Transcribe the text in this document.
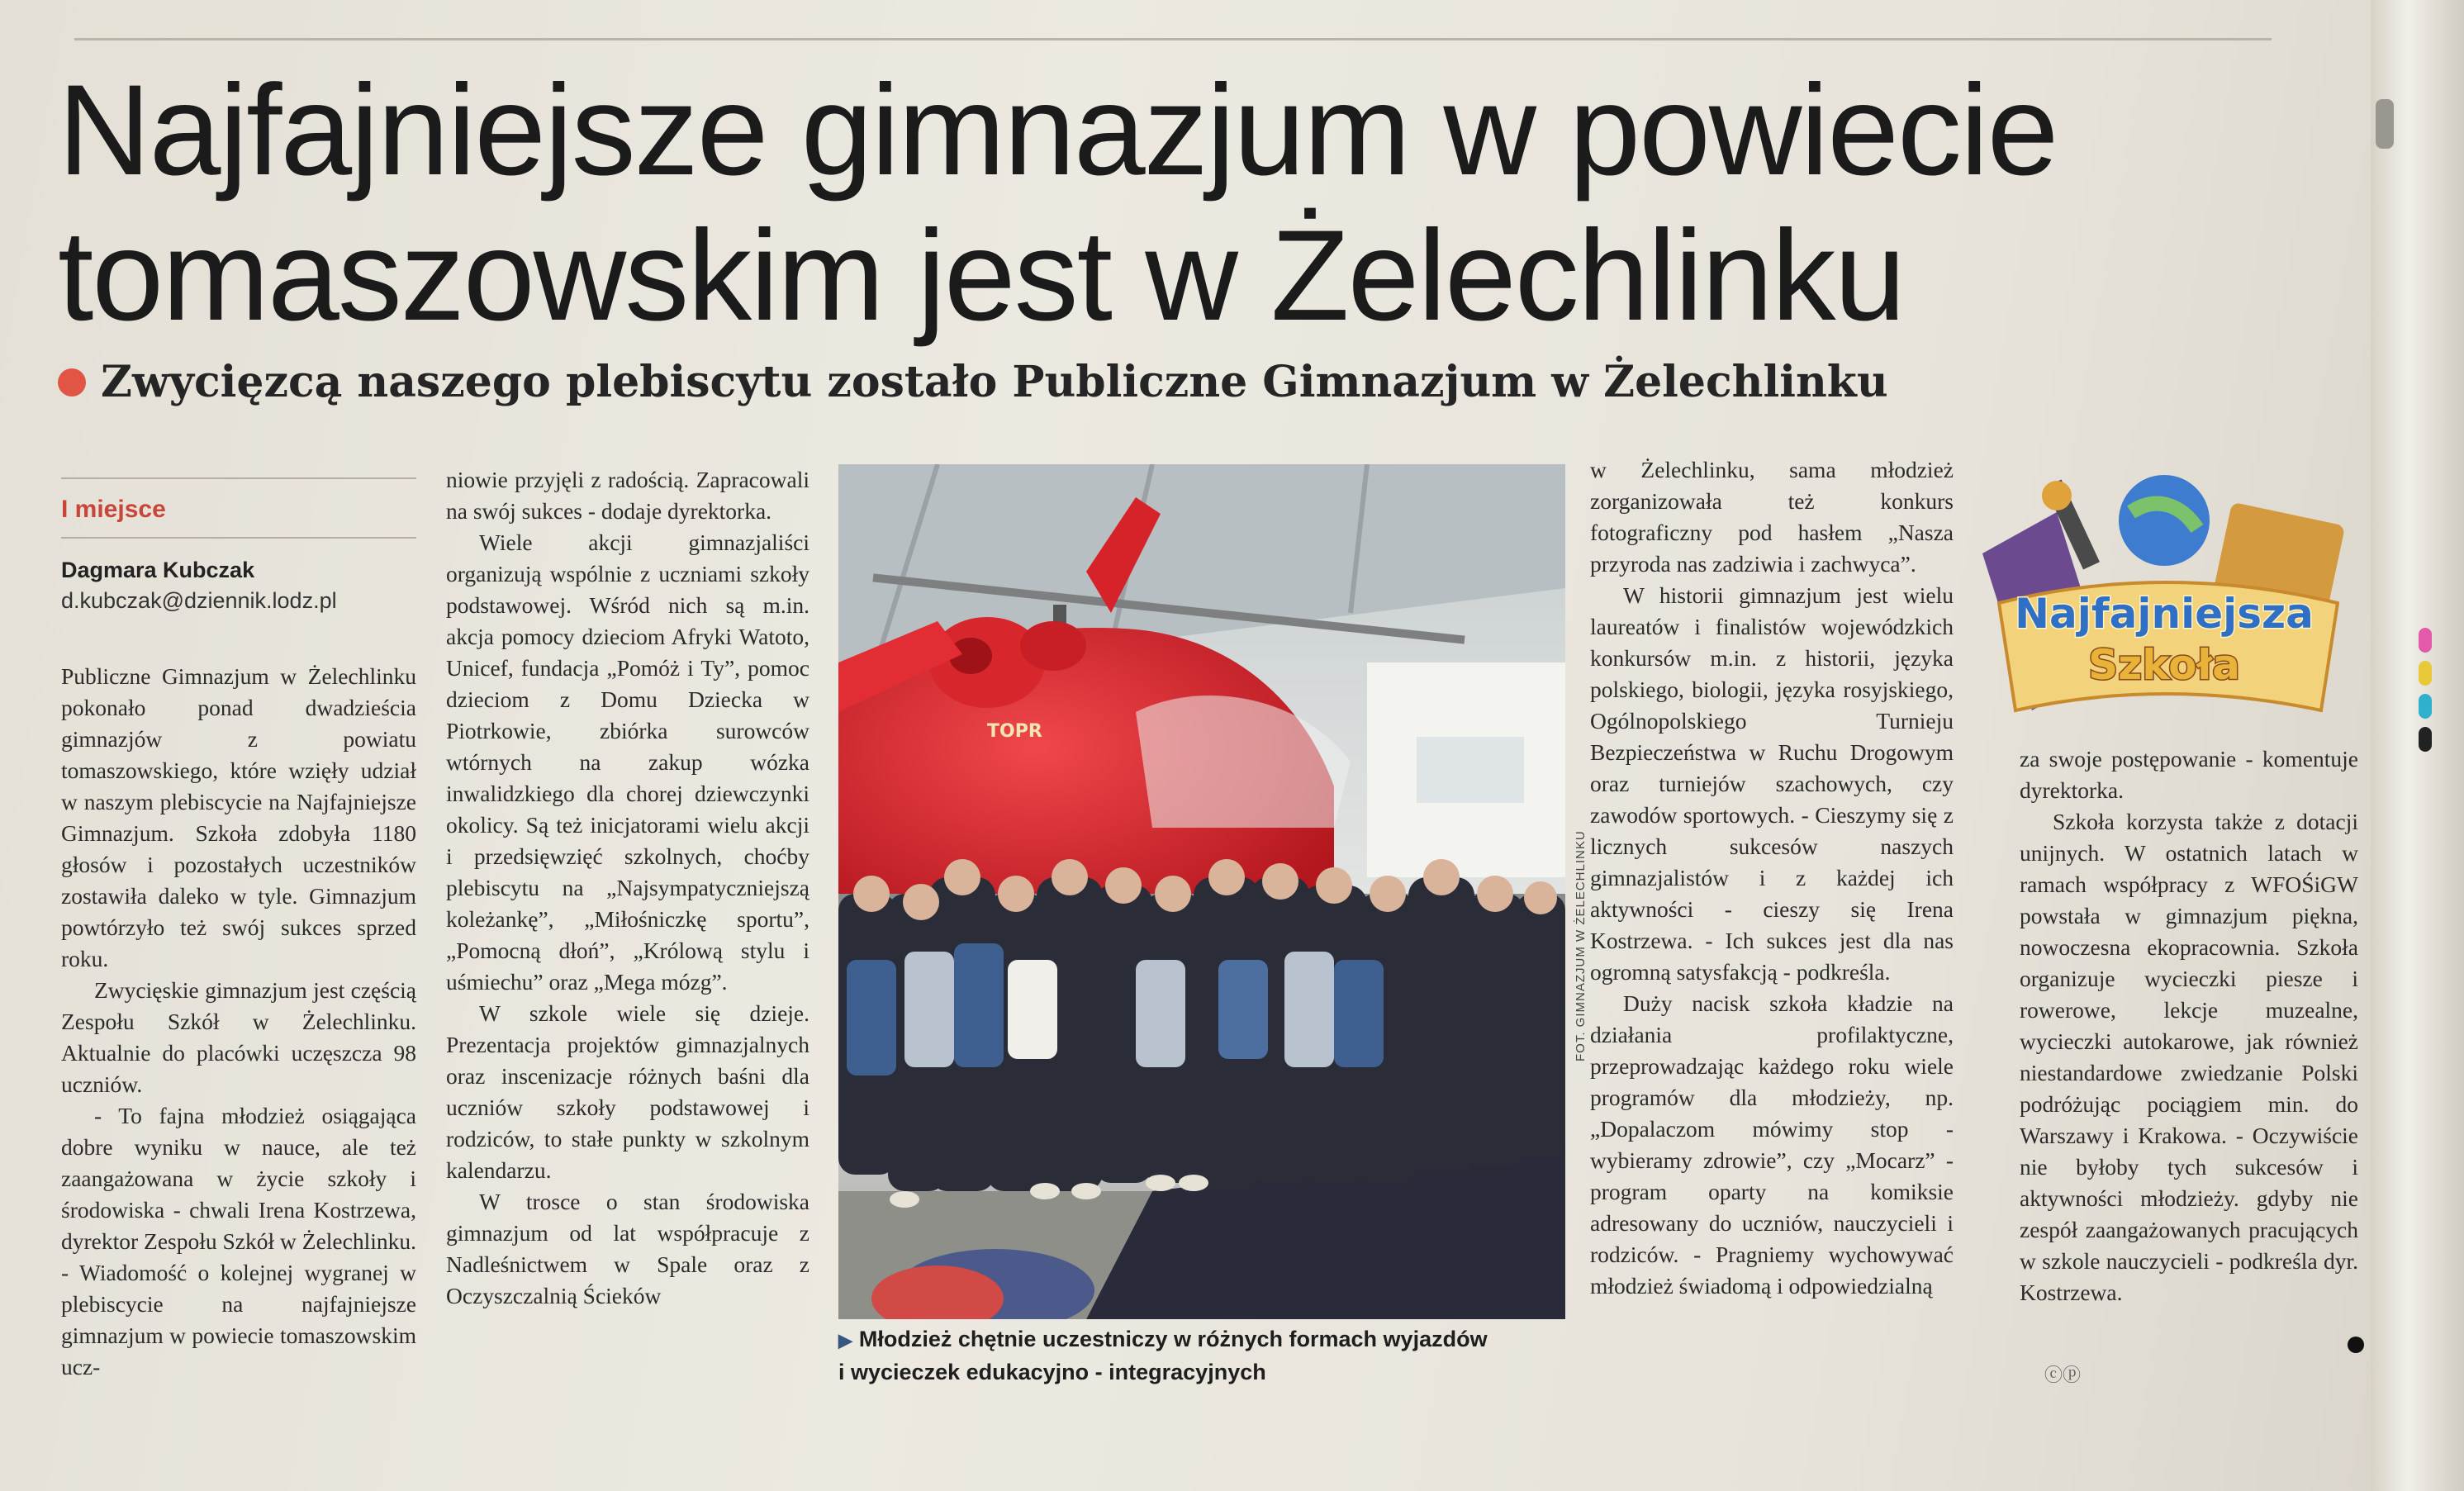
Najfajniejsze gimnazjum w powiecie
tomaszowskim jest w Żelechlinku
Zwycięzcą naszego plebiscytu zostało Publiczne Gimnazjum w Żelechlinku
I miejsce
Dagmara Kubczak
d.kubczak@dziennik.lodz.pl

Publiczne Gimnazjum w Żelechlinku pokonało ponad dwadzieścia gimnazjów z powiatu tomaszowskiego, które wzięły udział w naszym plebiscycie na Najfajniejsze Gimnazjum. Szkoła zdobyła 1180 głosów i pozostałych uczestników zostawiła daleko w tyle. Gimnazjum powtórzyło też swój sukces sprzed roku.

Zwycięskie gimnazjum jest częścią Zespołu Szkół w Żelechlinku. Aktualnie do placówki uczęszcza 98 uczniów.

- To fajna młodzież osiągająca dobre wyniku w nauce, ale też zaangażowana w życie szkoły i środowiska - chwali Irena Kostrzewa, dyrektor Zespołu Szkół w Żelechlinku. - Wiadomość o kolejnej wygranej w plebiscycie na najfajniejsze gimnazjum w powiecie tomaszowskim ucz-

niowie przyjęli z radością. Zapracowali na swój sukces - dodaje dyrektorka.

Wiele akcji gimnazjaliści organizują wspólnie z uczniami szkoły podstawowej. Wśród nich są m.in. akcja pomocy dzieciom Afryki Watoto, Unicef, fundacja „Pomóż i Ty”, pomoc dzieciom z Domu Dziecka w Piotrkowie, zbiórka surowców wtórnych na zakup wózka inwalidzkiego dla chorej dziewczynki okolicy. Są też inicjatorami wielu akcji i przedsięwzięć szkolnych, choćby plebiscytu na „Najsympatyczniejszą koleżankę”, „Miłośniczkę sportu”, „Pomocną dłoń”, „Królową stylu i uśmiechu” oraz „Mega mózg”.

W szkole wiele się dzieje. Prezentacja projektów gimnazjalnych oraz inscenizacje różnych baśni dla uczniów szkoły podstawowej i rodziców, to stałe punkty w szkolnym kalendarzu.

W trosce o stan środowiska gimnazjum od lat współpracuje z Nadleśnictwem w Spale oraz z Oczyszczalnią Ścieków

TOPR
FOT. GIMNAZJUM W ŻELECHLINKU
▶ Młodzież chętnie uczestniczy w różnych formach wyjazdów
i wycieczek edukacyjno - integracyjnych

w Żelechlinku, sama młodzież zorganizowała też konkurs fotograficzny pod hasłem „Nasza przyroda nas zadziwia i zachwyca”.

W historii gimnazjum jest wielu laureatów i finalistów wojewódzkich konkursów m.in. z historii, języka polskiego, biologii, języka rosyjskiego, Ogólnopolskiego Turnieju Bezpieczeństwa w Ruchu Drogowym oraz turniejów szachowych, czy zawodów sportowych. - Cieszymy się z licznych sukcesów naszych gimnazjalistów i z każdej ich aktywności - cieszy się Irena Kostrzewa. - Ich sukces jest dla nas ogromną satysfakcją - podkreśla.

Duży nacisk szkoła kładzie na działania profilaktyczne, przeprowadzając każdego roku wiele programów dla młodzieży, np. „Dopalaczom mówimy stop - wybieramy zdrowie”, czy „Mocarz” - program oparty na komiksie adresowany do uczniów, nauczycieli i rodziców. - Pragniemy wychowywać młodzież świadomą i odpowiedzialną

Najfajniejsza
Szkoła

za swoje postępowanie - komentuje dyrektorka.

Szkoła korzysta także z dotacji unijnych. W ostatnich latach w ramach współpracy z WFOŚiGW powstała w gimnazjum piękna, nowoczesna ekopracownia. Szkoła organizuje wycieczki piesze i rowerowe, lekcje muzealne, wycieczki autokarowe, jak również niestandardowe zwiedzanie Polski podróżując pociągiem min. do Warszawy i Krakowa. - Oczywiście nie byłoby tych sukcesów i aktywności młodzieży. gdyby nie zespół zaangażowanych pracujących w szkole nauczycieli - podkreśla dyr. Kostrzewa.

ⓒⓟ
